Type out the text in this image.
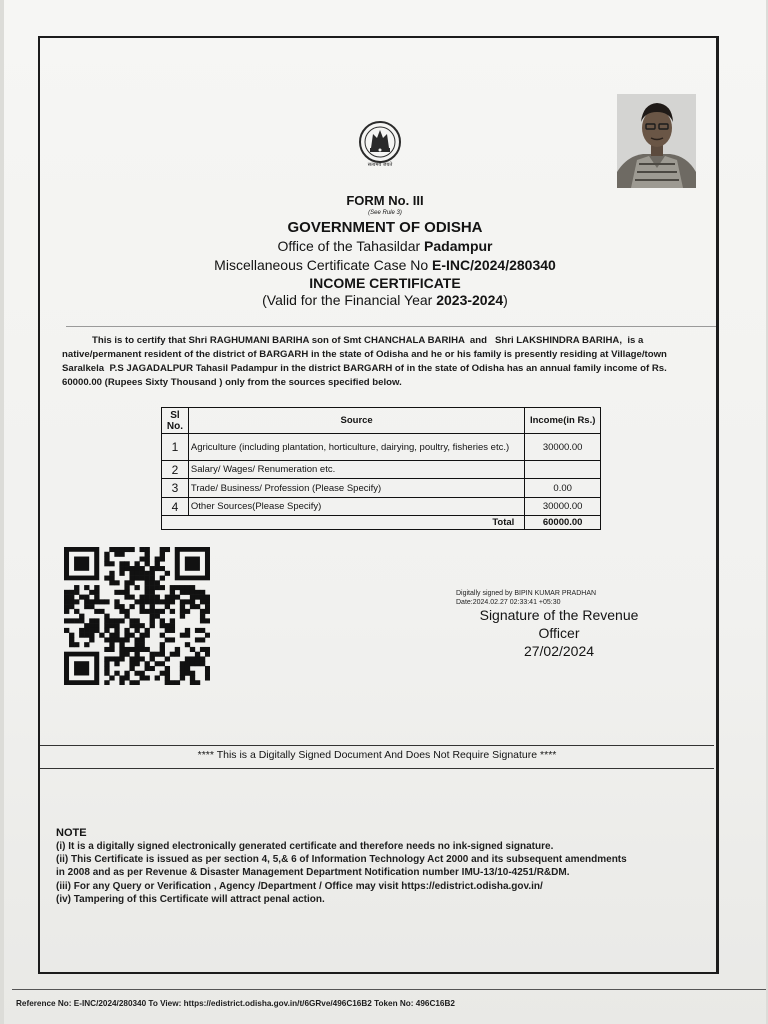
सत्यमेव जयते
FORM No. III
(See Rule 3)
GOVERNMENT OF ODISHA
Office of the Tahasildar Padampur
Miscellaneous Certificate Case No E-INC/2024/280340
INCOME CERTIFICATE
(Valid for the Financial Year 2023-2024)
This is to certify that Shri RAGHUMANI BARIHA son of Smt CHANCHALA BARIHA  and   Shri LAKSHINDRA BARIHA,  is a native/permanent resident of the district of BARGARH in the state of Odisha and he or his family is presently residing at Village/town Saralkela  P.S JAGADALPUR Tahasil Padampur in the district BARGARH of in the state of Odisha has an annual family income of Rs.  60000.00 (Rupees Sixty Thousand ) only from the sources specified below.
Sl No.	Source	Income(in Rs.)
1	Agriculture (including plantation, horticulture, dairying, poultry, fisheries etc.)	30000.00
2	Salary/ Wages/ Renumeration etc.	
3	Trade/ Business/ Profession (Please Specify)	0.00
4	Other Sources(Please Specify)	30000.00
Total		60000.00
Digitally signed by BIPIN KUMAR PRADHAN
Date:2024.02.27 02:33:41 +05:30
Signature of the Revenue
Officer
27/02/2024
**** This is a Digitally Signed Document And Does Not Require Signature ****
NOTE
(i) It is a digitally signed electronically generated certificate and therefore needs no ink-signed signature.
(ii) This Certificate is issued as per section 4, 5,& 6 of Information Technology Act 2000 and its subsequent amendments
in 2008 and as per Revenue & Disaster Management Department Notification number IMU-13/10-4251/R&DM.
(iii) For any Query or Verification , Agency /Department / Office may visit https://edistrict.odisha.gov.in/
(iv) Tampering of this Certificate will attract penal action.
Reference No: E-INC/2024/280340 To View: https://edistrict.odisha.gov.in/t/6GRve/496C16B2 Token No: 496C16B2
